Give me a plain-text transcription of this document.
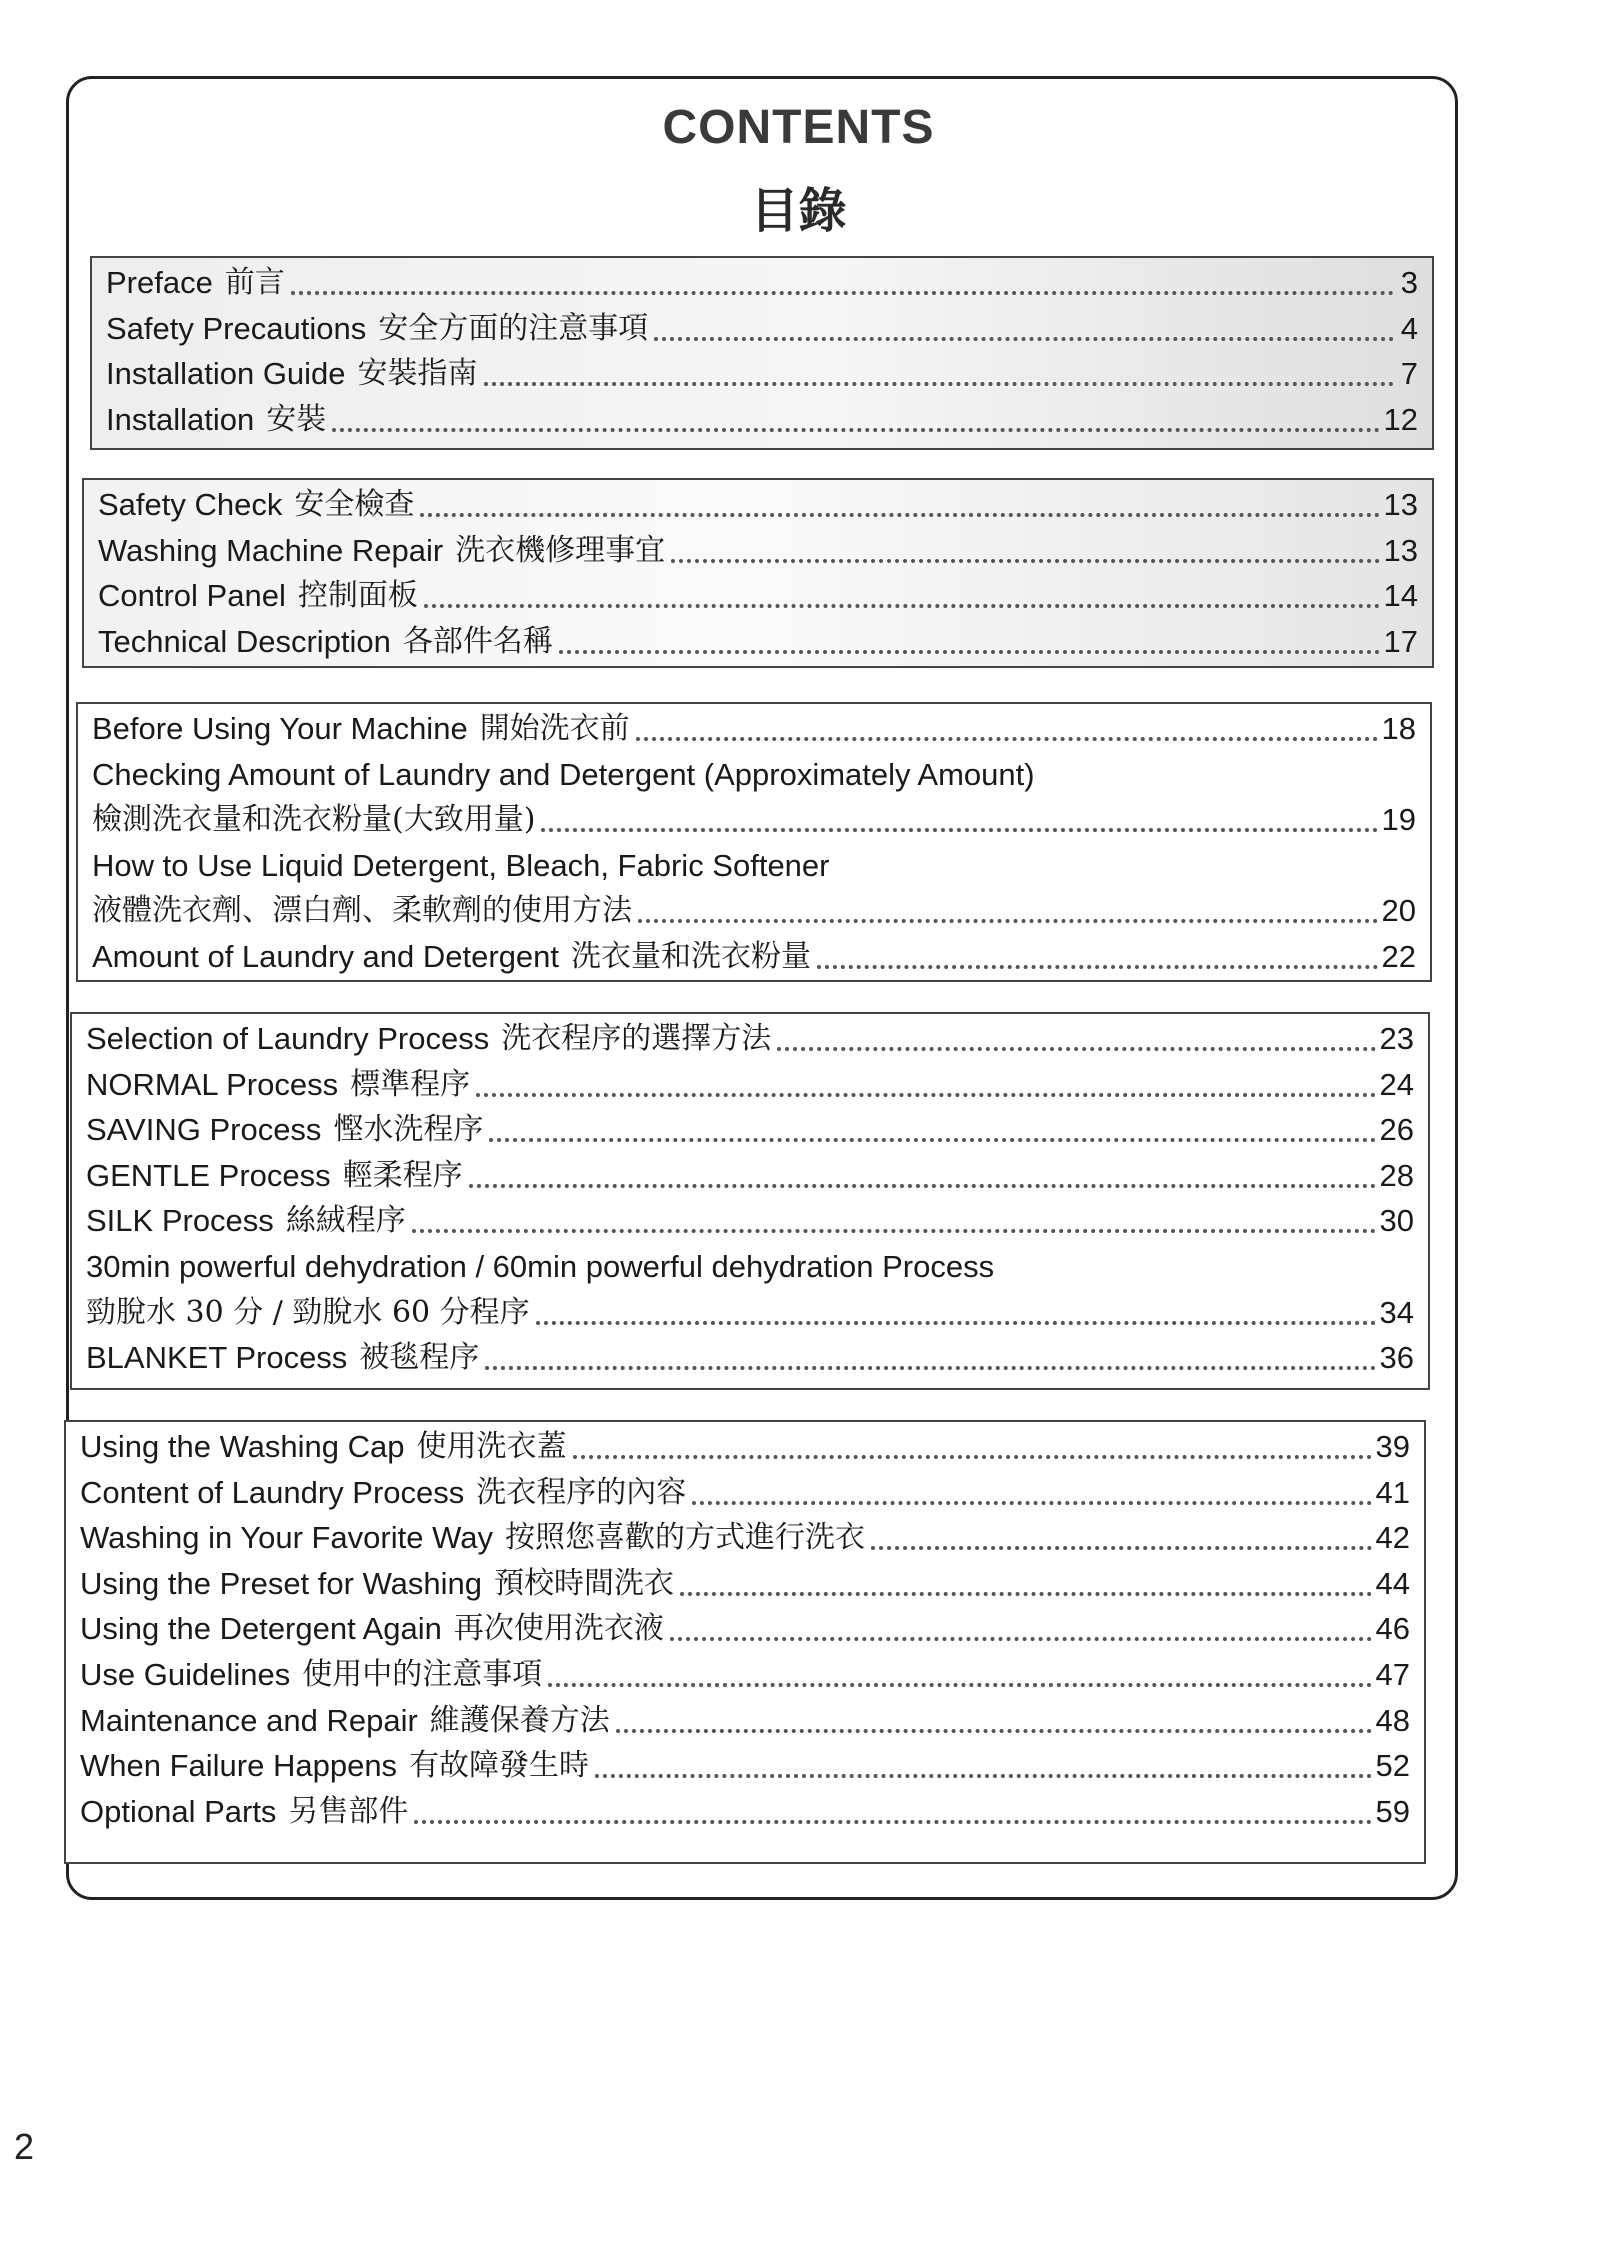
CONTENTS
目錄
Preface 前言	3
Safety Precautions 安全方面的注意事項	4
Installation Guide 安裝指南	7
Installation 安裝	12
Safety Check 安全檢查	13
Washing Machine Repair 洗衣機修理事宜	13
Control Panel 控制面板	14
Technical Description 各部件名稱	17
Before Using Your Machine 開始洗衣前	18
Checking Amount of Laundry and Detergent (Approximately Amount)
檢測洗衣量和洗衣粉量(大致用量)	19
How to Use Liquid Detergent, Bleach, Fabric Softener
液體洗衣劑、漂白劑、柔軟劑的使用方法	20
Amount of Laundry and Detergent 洗衣量和洗衣粉量	22
Selection of Laundry Process 洗衣程序的選擇方法	23
NORMAL Process 標準程序	24
SAVING Process 慳水洗程序	26
GENTLE Process 輕柔程序	28
SILK Process 絲絨程序	30
30min powerful dehydration / 60min powerful dehydration Process
勁脫水 30 分 / 勁脫水 60 分程序	34
BLANKET Process 被毯程序	36
Using the Washing Cap 使用洗衣蓋	39
Content of Laundry Process 洗衣程序的內容	41
Washing in Your Favorite Way 按照您喜歡的方式進行洗衣	42
Using the Preset for Washing 預校時間洗衣	44
Using the Detergent Again 再次使用洗衣液	46
Use Guidelines 使用中的注意事項	47
Maintenance and Repair 維護保養方法	48
When Failure Happens 有故障發生時	52
Optional Parts 另售部件	59
2
